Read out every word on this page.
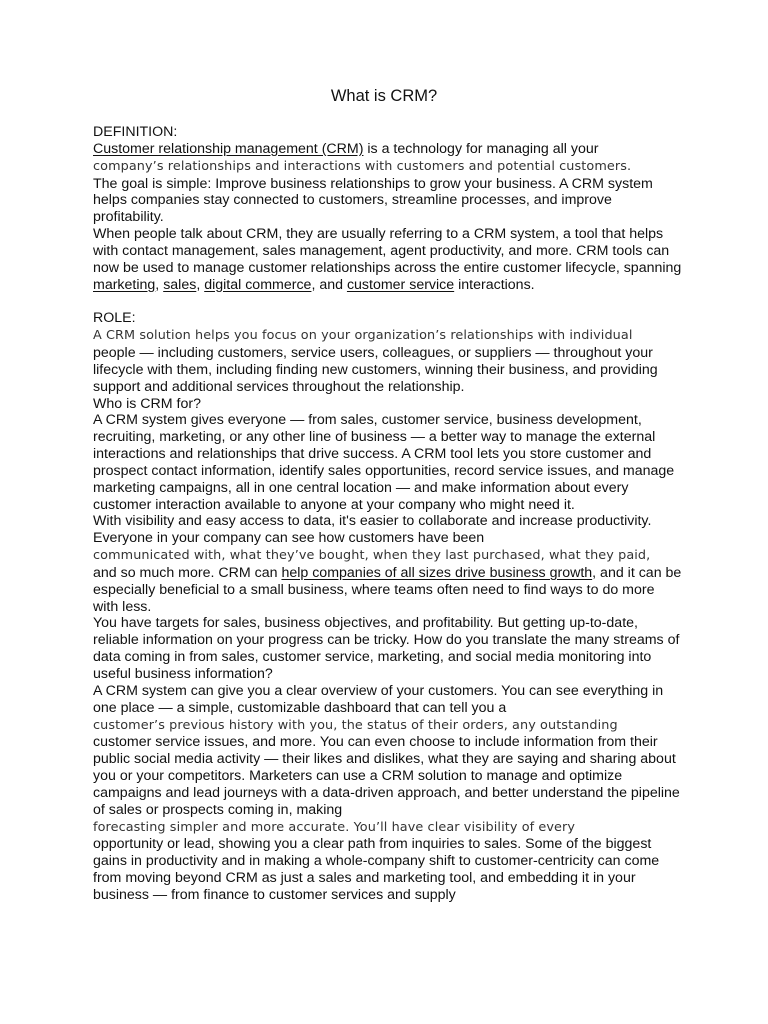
What is CRM?
DEFINITION:

Customer relationship management (CRM) is a technology for managing all your
company’s relationships and interactions with customers and potential customers.
The goal is simple: Improve business relationships to grow your business. A CRM system helps companies stay connected to customers, streamline processes, and improve profitability.

When people talk about CRM, they are usually referring to a CRM system, a tool that helps with contact management, sales management, agent productivity, and more. CRM tools can now be used to manage customer relationships across the entire customer lifecycle, spanning marketing, sales, digital commerce, and customer service interactions.

ROLE:

A CRM solution helps you focus on your organization’s relationships with individual
people — including customers, service users, colleagues, or suppliers — throughout your lifecycle with them, including finding new customers, winning their business, and providing support and additional services throughout the relationship.

Who is CRM for?

A CRM system gives everyone — from sales, customer service, business development, recruiting, marketing, or any other line of business — a better way to manage the external interactions and relationships that drive success. A CRM tool lets you store customer and prospect contact information, identify sales opportunities, record service issues, and manage marketing campaigns, all in one central location — and make information about every customer interaction available to anyone at your company who might need it.

With visibility and easy access to data, it's easier to collaborate and increase productivity. Everyone in your company can see how customers have been
communicated with, what they’ve bought, when they last purchased, what they paid,
and so much more. CRM can help companies of all sizes drive business growth, and it can be especially beneficial to a small business, where teams often need to find ways to do more with less.

You have targets for sales, business objectives, and profitability. But getting up-to-date, reliable information on your progress can be tricky. How do you translate the many streams of data coming in from sales, customer service, marketing, and social media monitoring into useful business information?

A CRM system can give you a clear overview of your customers. You can see everything in one place — a simple, customizable dashboard that can tell you a
customer’s previous history with you, the status of their orders, any outstanding
customer service issues, and more. You can even choose to include information from their public social media activity — their likes and dislikes, what they are saying and sharing about you or your competitors. Marketers can use a CRM solution to manage and optimize campaigns and lead journeys with a data-driven approach, and better understand the pipeline of sales or prospects coming in, making
forecasting simpler and more accurate. You’ll have clear visibility of every
opportunity or lead, showing you a clear path from inquiries to sales. Some of the biggest gains in productivity and in making a whole-company shift to customer-centricity can come from moving beyond CRM as just a sales and marketing tool, and embedding it in your business — from finance to customer services and supply
